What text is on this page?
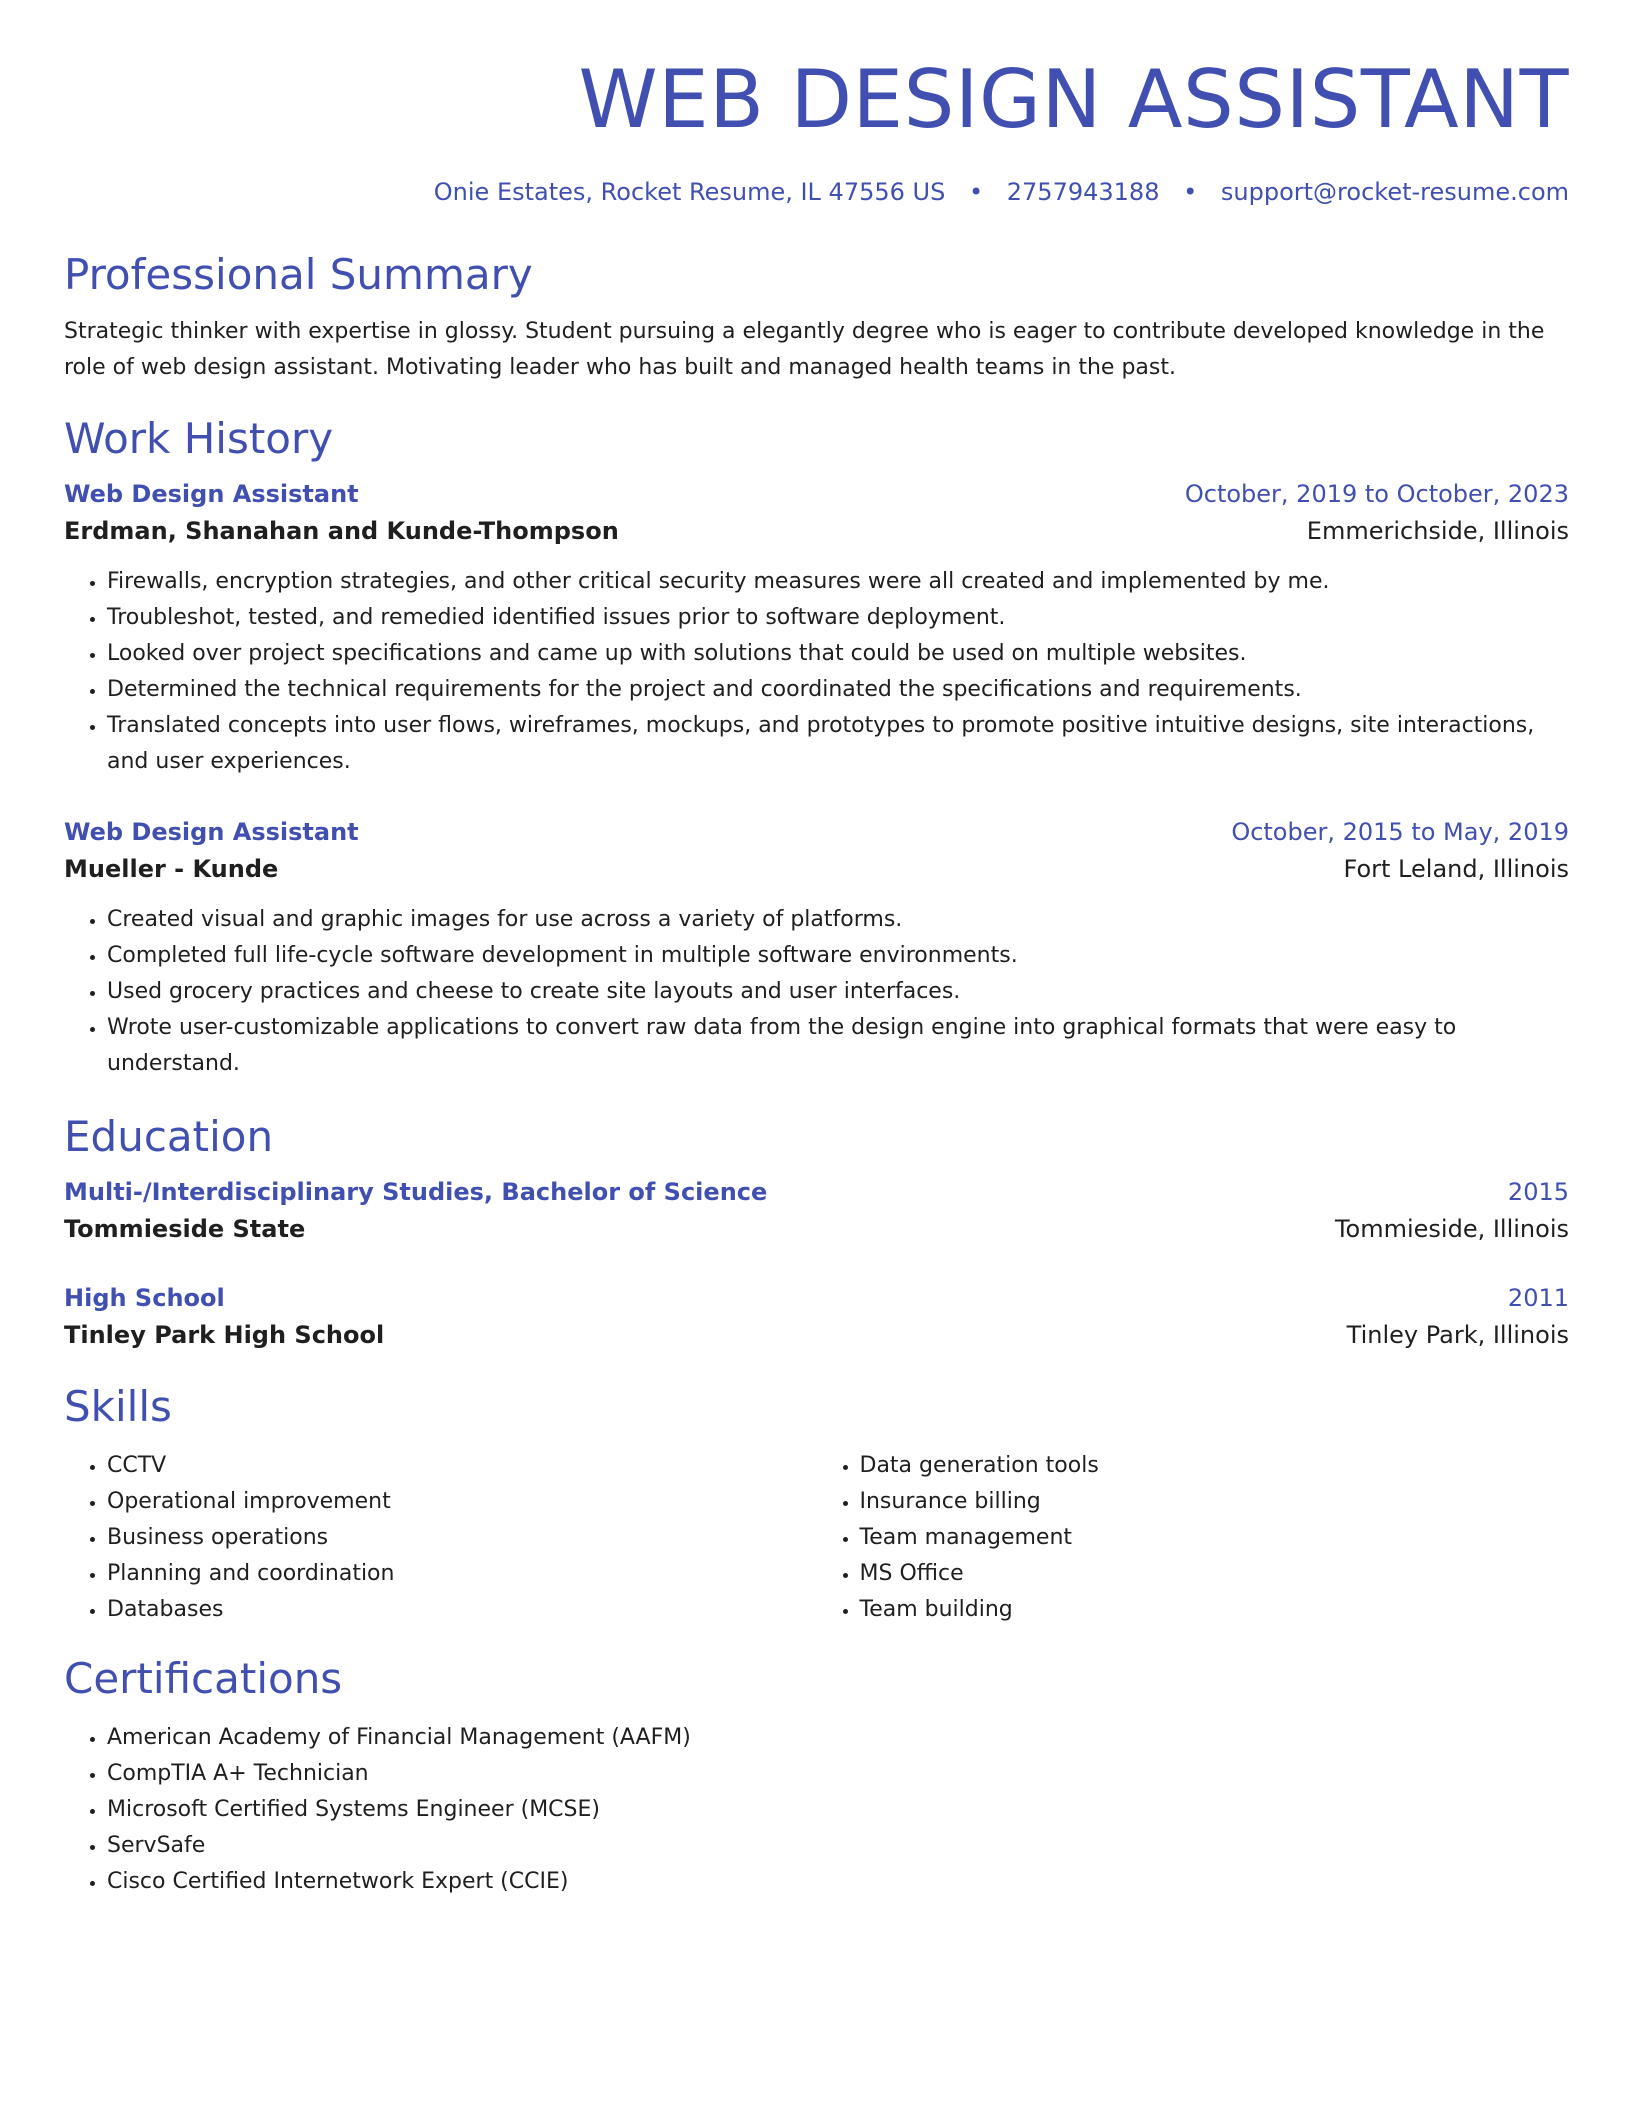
WEB DESIGN ASSISTANT
Onie Estates, Rocket Resume, IL 47556 US • 2757943188 • support@rocket-resume.com
Professional Summary

Strategic thinker with expertise in glossy. Student pursuing a elegantly degree who is eager to contribute developed knowledge in the role of web design assistant. Motivating leader who has built and managed health teams in the past.

Work History
Web Design Assistant	October, 2019 to October, 2023
Erdman, Shanahan and Kunde-Thompson	Emmerichside, Illinois
• Firewalls, encryption strategies, and other critical security measures were all created and implemented by me.
• Troubleshot, tested, and remedied identified issues prior to software deployment.
• Looked over project specifications and came up with solutions that could be used on multiple websites.
• Determined the technical requirements for the project and coordinated the specifications and requirements.
• Translated concepts into user flows, wireframes, mockups, and prototypes to promote positive intuitive designs, site interactions, and user experiences.
Web Design Assistant	October, 2015 to May, 2019
Mueller - Kunde	Fort Leland, Illinois
• Created visual and graphic images for use across a variety of platforms.
• Completed full life-cycle software development in multiple software environments.
• Used grocery practices and cheese to create site layouts and user interfaces.
• Wrote user-customizable applications to convert raw data from the design engine into graphical formats that were easy to understand.
Education
Multi-/Interdisciplinary Studies, Bachelor of Science	2015
Tommieside State	Tommieside, Illinois
High School	2011
Tinley Park High School	Tinley Park, Illinois
Skills
• CCTV
• Operational improvement
• Business operations
• Planning and coordination
• Databases
• Data generation tools
• Insurance billing
• Team management
• MS Office
• Team building
Certifications
• American Academy of Financial Management (AAFM)
• CompTIA A+ Technician
• Microsoft Certified Systems Engineer (MCSE)
• ServSafe
• Cisco Certified Internetwork Expert (CCIE)
